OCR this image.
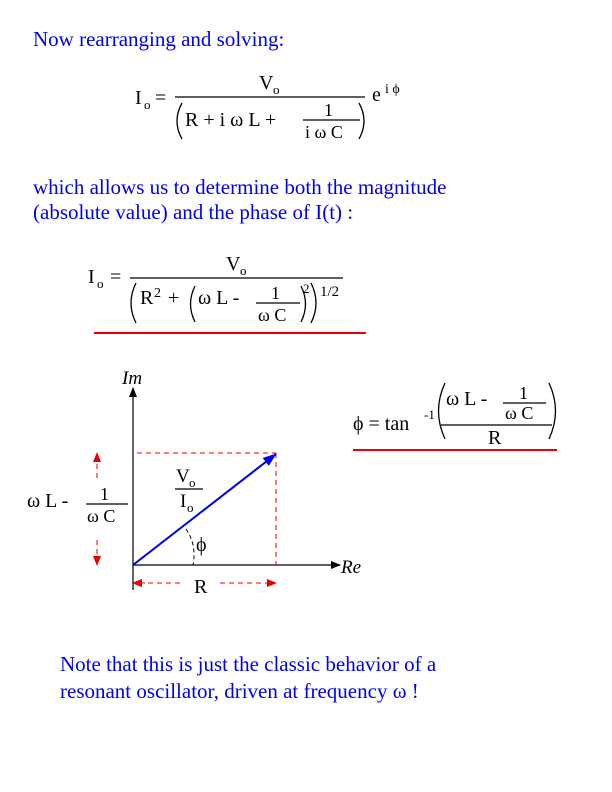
Now rearranging and solving:
which allows us to determine both the magnitude
(absolute value) and the phase of I(t) :
Note that this is just the classic behavior of a
resonant oscillator, driven at frequency ω !
I o =
V o
R + i ω L +	1
i ω C
e i ϕ
I o =
V o
R 2 + ω L - 1
ω C
2 1/2
ϕ = tan -1
ω L - 1
ω C
R
Im
Re
V o
I o
ϕ
R
ω L - 1
ω C
